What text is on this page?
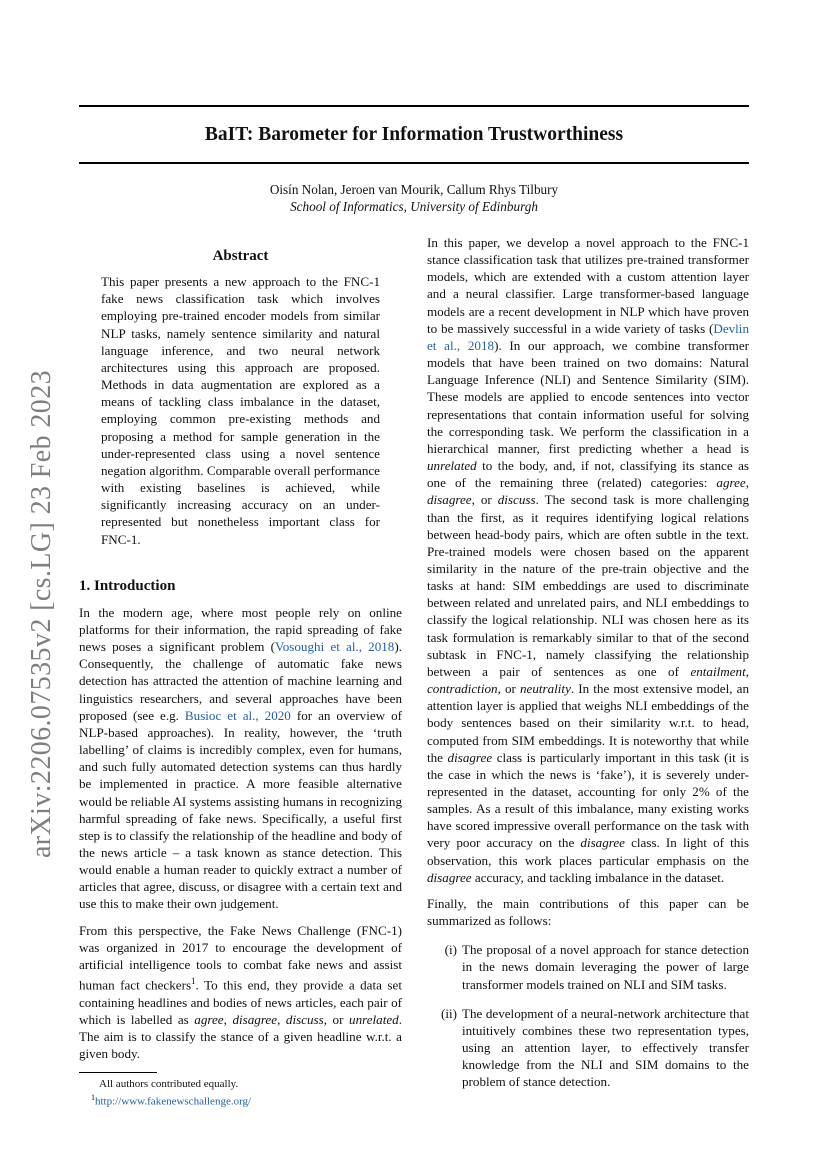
BaIT: Barometer for Information Trustworthiness
Oisín Nolan, Jeroen van Mourik, Callum Rhys Tilbury
School of Informatics, University of Edinburgh
arXiv:2206.07535v2 [cs.LG] 23 Feb 2023
Abstract

This paper presents a new approach to the FNC-1 fake news classification task which involves employing pre-trained encoder models from similar NLP tasks, namely sentence similarity and natural language inference, and two neural network architectures using this approach are proposed. Methods in data augmentation are explored as a means of tackling class imbalance in the dataset, employing common pre-existing methods and proposing a method for sample generation in the under-represented class using a novel sentence negation algorithm. Comparable overall performance with existing baselines is achieved, while significantly increasing accuracy on an under-represented but nonetheless important class for FNC-1.

1. Introduction

In the modern age, where most people rely on online platforms for their information, the rapid spreading of fake news poses a significant problem (Vosoughi et al., 2018). Consequently, the challenge of automatic fake news detection has attracted the attention of machine learning and linguistics researchers, and several approaches have been proposed (see e.g. Busioc et al., 2020 for an overview of NLP-based approaches). In reality, however, the ‘truth labelling’ of claims is incredibly complex, even for humans, and such fully automated detection systems can thus hardly be implemented in practice. A more feasible alternative would be reliable AI systems assisting humans in recognizing harmful spreading of fake news. Specifically, a useful first step is to classify the relationship of the headline and body of the news article – a task known as stance detection. This would enable a human reader to quickly extract a number of articles that agree, discuss, or disagree with a certain text and use this to make their own judgement.

From this perspective, the Fake News Challenge (FNC-1) was organized in 2017 to encourage the development of artificial intelligence tools to combat fake news and assist human fact checkers$^1$. To this end, they provide a data set containing headlines and bodies of news articles, each pair of which is labelled as agree, disagree, discuss, or unrelated. The aim is to classify the stance of a given headline w.r.t. a given body.

All authors contributed equally.
$^1$http://www.fakenewschallenge.org/

In this paper, we develop a novel approach to the FNC-1 stance classification task that utilizes pre-trained transformer models, which are extended with a custom attention layer and a neural classifier. Large transformer-based language models are a recent development in NLP which have proven to be massively successful in a wide variety of tasks (Devlin et al., 2018). In our approach, we combine transformer models that have been trained on two domains: Natural Language Inference (NLI) and Sentence Similarity (SIM). These models are applied to encode sentences into vector representations that contain information useful for solving the corresponding task. We perform the classification in a hierarchical manner, first predicting whether a head is unrelated to the body, and, if not, classifying its stance as one of the remaining three (related) categories: agree, disagree, or discuss. The second task is more challenging than the first, as it requires identifying logical relations between head-body pairs, which are often subtle in the text. Pre-trained models were chosen based on the apparent similarity in the nature of the pre-train objective and the tasks at hand: SIM embeddings are used to discriminate between related and unrelated pairs, and NLI embeddings to classify the logical relationship. NLI was chosen here as its task formulation is remarkably similar to that of the second subtask in FNC-1, namely classifying the relationship between a pair of sentences as one of entailment, contradiction, or neutrality. In the most extensive model, an attention layer is applied that weighs NLI embeddings of the body sentences based on their similarity w.r.t. to head, computed from SIM embeddings. It is noteworthy that while the disagree class is particularly important in this task (it is the case in which the news is ‘fake’), it is severely under-represented in the dataset, accounting for only 2% of the samples. As a result of this imbalance, many existing works have scored impressive overall performance on the task with very poor accuracy on the disagree class. In light of this observation, this work places particular emphasis on the disagree accuracy, and tackling imbalance in the dataset.

Finally, the main contributions of this paper can be summarized as follows:

(i) The proposal of a novel approach for stance detection in the news domain leveraging the power of large transformer models trained on NLI and SIM tasks.
(ii) The development of a neural-network architecture that intuitively combines these two representation types, using an attention layer, to effectively transfer knowledge from the NLI and SIM domains to the problem of stance detection.
